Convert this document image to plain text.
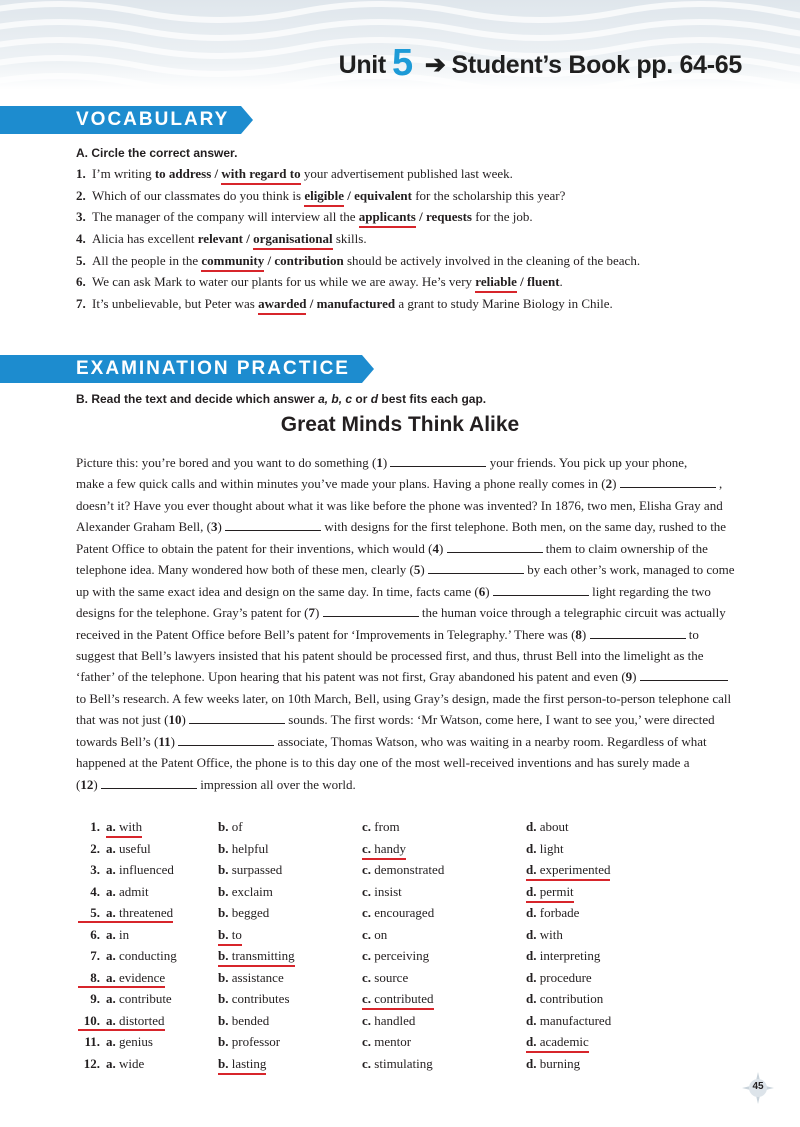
Unit 5 ➔ Student’s Book pp. 64-65
VOCABULARY
A. Circle the correct answer.
1. I’m writing to address / with regard to your advertisement published last week.
2. Which of our classmates do you think is eligible / equivalent for the scholarship this year?
3. The manager of the company will interview all the applicants / requests for the job.
4. Alicia has excellent relevant / organisational skills.
5. All the people in the community / contribution should be actively involved in the cleaning of the beach.
6. We can ask Mark to water our plants for us while we are away. He’s very reliable / fluent.
7. It’s unbelievable, but Peter was awarded / manufactured a grant to study Marine Biology in Chile.
EXAMINATION PRACTICE
B. Read the text and decide which answer a, b, c or d best fits each gap.
Great Minds Think Alike
Picture this: you’re bored and you want to do something (1)	your friends. You pick up your phone,
make a few quick calls and within minutes you’ve made your plans. Having a phone really comes in (2)	,
doesn’t it? Have you ever thought about what it was like before the phone was invented? In 1876, two men, Elisha Gray and
Alexander Graham Bell, (3)	with designs for the first telephone. Both men, on the same day, rushed to the
Patent Office to obtain the patent for their inventions, which would (4)	them to claim ownership of the
telephone idea. Many wondered how both of these men, clearly (5)	by each other’s work, managed to come
up with the same exact idea and design on the same day. In time, facts came (6)	light regarding the two
designs for the telephone. Gray’s patent for (7)	the human voice through a telegraphic circuit was actually
received in the Patent Office before Bell’s patent for ‘Improvements in Telegraphy.’ There was (8)	to
suggest that Bell’s lawyers insisted that his patent should be processed first, and thus, thrust Bell into the limelight as the
‘father’ of the telephone. Upon hearing that his patent was not first, Gray abandoned his patent and even (9)
to Bell’s research. A few weeks later, on 10th March, Bell, using Gray’s design, made the first person-to-person telephone call
that was not just (10)	sounds. The first words: ‘Mr Watson, come here, I want to see you,’ were directed
towards Bell’s (11)	associate, Thomas Watson, who was waiting in a nearby room. Regardless of what
happened at the Patent Office, the phone is to this day one of the most well-received inventions and has surely made a
(12)	impression all over the world.
1. a. with	b. of	c. from	d. about
2. a. useful	b. helpful	c. handy	d. light
3. a. influenced	b. surpassed	c. demonstrated	d. experimented
4. a. admit	b. exclaim	c. insist	d. permit
5. a. threatened	b. begged	c. encouraged	d. forbade
6. a. in	b. to	c. on	d. with
7. a. conducting	b. transmitting	c. perceiving	d. interpreting
8. a. evidence	b. assistance	c. source	d. procedure
9. a. contribute	b. contributes	c. contributed	d. contribution
10. a. distorted	b. bended	c. handled	d. manufactured
11. a. genius	b. professor	c. mentor	d. academic
12. a. wide	b. lasting	c. stimulating	d. burning
45
